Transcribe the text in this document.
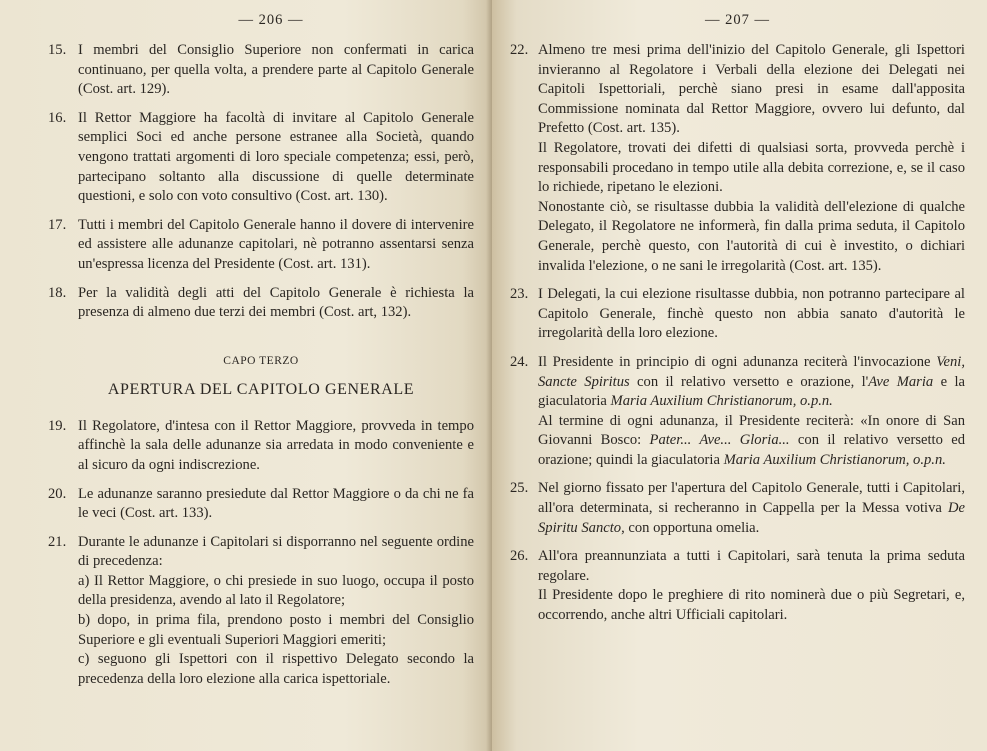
— 206 —
15. I membri del Consiglio Superiore non confermati in carica continuano, per quella volta, a prendere parte al Capitolo Generale (Cost. art. 129).
16. Il Rettor Maggiore ha facoltà di invitare al Capitolo Generale semplici Soci ed anche persone estranee alla Società, quando vengono trattati argomenti di loro speciale competenza; essi, però, partecipano soltanto alla discussione di quelle determinate questioni, e solo con voto consultivo (Cost. art. 130).
17. Tutti i membri del Capitolo Generale hanno il dovere di intervenire ed assistere alle adunanze capitolari, nè potranno assentarsi senza un'espressa licenza del Presidente (Cost. art. 131).
18. Per la validità degli atti del Capitolo Generale è richiesta la presenza di almeno due terzi dei membri (Cost. art, 132).
CAPO TERZO
APERTURA DEL CAPITOLO GENERALE
19. Il Regolatore, d'intesa con il Rettor Maggiore, provveda in tempo affinchè la sala delle adunanze sia arredata in modo conveniente e al sicuro da ogni indiscrezione.
20. Le adunanze saranno presiedute dal Rettor Maggiore o da chi ne fa le veci (Cost. art. 133).
21. Durante le adunanze i Capitolari si disporranno nel seguente ordine di precedenza:
a) Il Rettor Maggiore, o chi presiede in suo luogo, occupa il posto della presidenza, avendo al lato il Regolatore;
b) dopo, in prima fila, prendono posto i membri del Consiglio Superiore e gli eventuali Superiori Maggiori emeriti;
c) seguono gli Ispettori con il rispettivo Delegato secondo la precedenza della loro elezione alla carica ispettoriale.
— 207 —
22. Almeno tre mesi prima dell'inizio del Capitolo Generale, gli Ispettori invieranno al Regolatore i Verbali della elezione dei Delegati nei Capitoli Ispettoriali, perchè siano presi in esame dall'apposita Commissione nominata dal Rettor Maggiore, ovvero lui defunto, dal Prefetto (Cost. art. 135).

Il Regolatore, trovati dei difetti di qualsiasi sorta, provveda perchè i responsabili procedano in tempo utile alla debita correzione, e, se il caso lo richiede, ripetano le elezioni.

Nonostante ciò, se risultasse dubbia la validità dell'elezione di qualche Delegato, il Regolatore ne informerà, fin dalla prima seduta, il Capitolo Generale, perchè questo, con l'autorità di cui è investito, o dichiari invalida l'elezione, o ne sani le irregolarità (Cost. art. 135).

23. I Delegati, la cui elezione risultasse dubbia, non potranno partecipare al Capitolo Generale, finchè questo non abbia sanato d'autorità le irregolarità della loro elezione.
24. Il Presidente in principio di ogni adunanza reciterà l'invocazione Veni, Sancte Spiritus con il relativo versetto e orazione, l'Ave Maria e la giaculatoria Maria Auxilium Christianorum, o.p.n.

Al termine di ogni adunanza, il Presidente reciterà: «In onore di San Giovanni Bosco: Pater... Ave... Gloria... con il relativo versetto ed orazione; quindi la giaculatoria Maria Auxilium Christianorum, o.p.n.

25. Nel giorno fissato per l'apertura del Capitolo Generale, tutti i Capitolari, all'ora determinata, si recheranno in Cappella per la Messa votiva De Spiritu Sancto, con opportuna omelia.
26. All'ora preannunziata a tutti i Capitolari, sarà tenuta la prima seduta regolare.

Il Presidente dopo le preghiere di rito nominerà due o più Segretari, e, occorrendo, anche altri Ufficiali capitolari.
